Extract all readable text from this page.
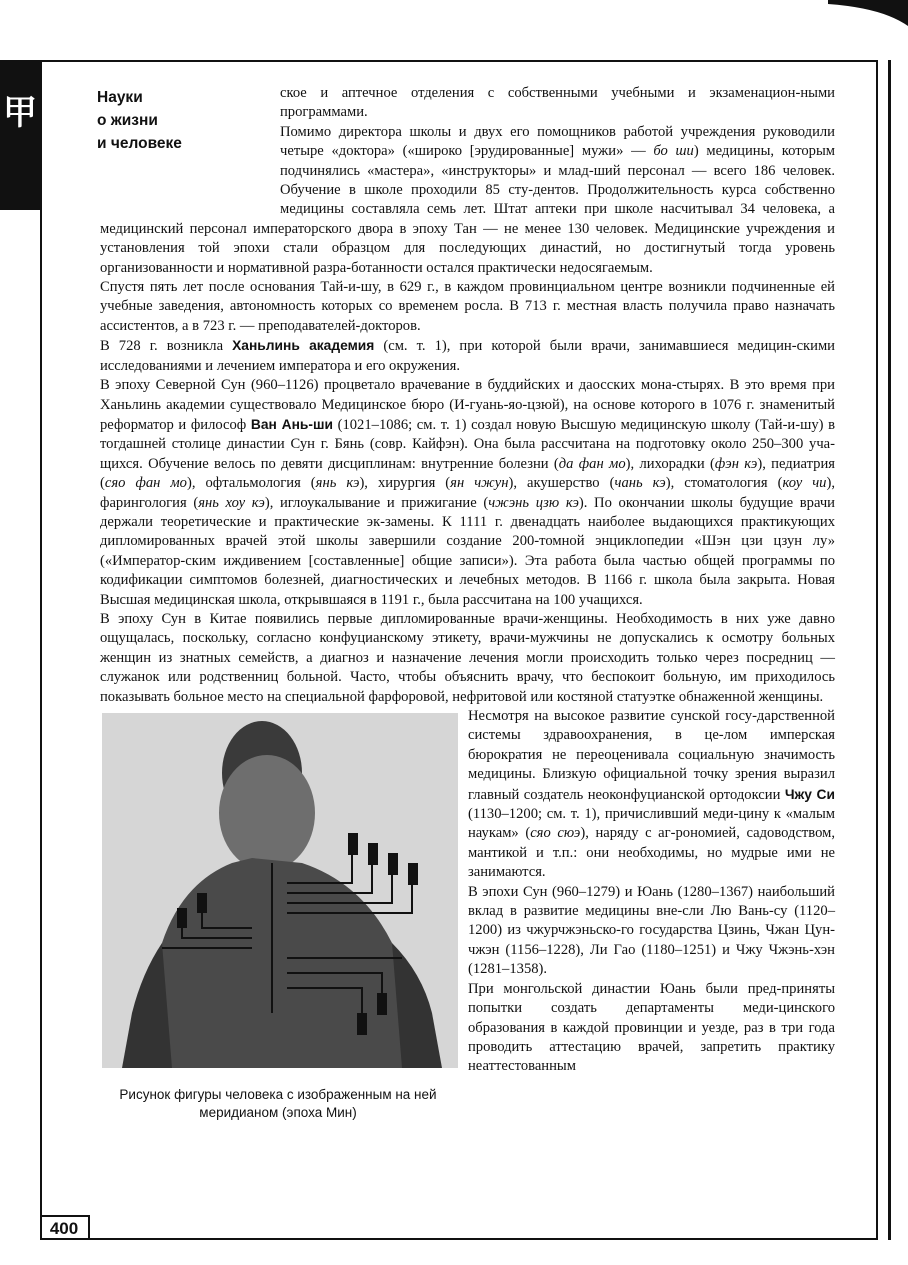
甲	Науки
о жизни
и человеке

ское и аптечное отделения с собственными учебными и экзаменацион-ными программами.

Помимо директора школы и двух его помощников работой учреждения руководили четыре «доктора» («широко [эрудированные] мужи» — бо ши) медицины, которым подчинялись «мастера», «инструкторы» и млад-ший персонал — всего 186 человек. Обучение в школе проходили 85 сту-дентов. Продолжительность курса собственно медицины составляла семь лет. Штат аптеки при школе насчитывал 34 человека, а медицинский персонал императорского двора в эпоху Тан — не менее 130 человек. Медицинские учреждения и установления той эпохи стали образцом для последующих династий, но достигнутый тогда уровень организованности и нормативной разра-ботанности остался практически недосягаемым.

Спустя пять лет после основания Тай-и-шу, в 629 г., в каждом провинциальном центре возникли подчиненные ей учебные заведения, автономность которых со временем росла. В 713 г. местная власть получила право назначать ассистентов, а в 723 г. — преподавателей-докторов.

В 728 г. возникла Ханьлинь академия (см. т. 1), при которой были врачи, занимавшиеся медицин-скими исследованиями и лечением императора и его окружения.

В эпоху Северной Сун (960–1126) процветало врачевание в буддийских и даосских мона-стырях. В это время при Ханьлинь академии существовало Медицинское бюро (И-гуань-яо-цзюй), на основе которого в 1076 г. знаменитый реформатор и философ Ван Ань-ши (1021–1086; см. т. 1) создал новую Высшую медицинскую школу (Тай-и-шу) в тогдашней столице династии Сун г. Бянь (совр. Кайфэн). Она была рассчитана на подготовку около 250–300 уча-щихся. Обучение велось по девяти дисциплинам: внутренние болезни (да фан мо), лихорадки (фэн кэ), педиатрия (сяо фан мо), офтальмология (янь кэ), хирургия (ян чжун), акушерство (чань кэ), стоматология (коу чи), фарингология (янь хоу кэ), иглоукалывание и прижигание (чжэнь цзю кэ). По окончании школы будущие врачи держали теоретические и практические эк-замены. К 1111 г. двенадцать наиболее выдающихся практикующих дипломированных врачей этой школы завершили создание 200-томной энциклопедии «Шэн цзи цзун лу» («Император-ским иждивением [составленные] общие записи»). Эта работа была частью общей программы по кодификации симптомов болезней, диагностических и лечебных методов. В 1166 г. школа была закрыта. Новая Высшая медицинская школа, открывшаяся в 1191 г., была рассчитана на 100 учащихся.

В эпоху Сун в Китае появились первые дипломированные врачи-женщины. Необходимость в них уже давно ощущалась, поскольку, согласно конфуцианскому этикету, врачи-мужчины не допускались к осмотру больных женщин из знатных семейств, а диагноз и назначение лечения могли происходить только через посредниц — служанок или родственниц больной. Часто, чтобы объяснить врачу, что беспокоит больную, им приходилось показывать больное место на специальной фарфоровой, нефритовой или костяной статуэтке обнаженной женщины.

Рисунок фигуры человека с изображенным на ней меридианом (эпоха Мин)

Несмотря на высокое развитие сунской госу-дарственной системы здравоохранения, в це-лом имперская бюрократия не переоценивала социальную значимость медицины. Близкую официальной точку зрения выразил главный создатель неоконфуцианской ортодоксии Чжу Си (1130–1200; см. т. 1), причисливший меди-цину к «малым наукам» (сяо сюэ), наряду с аг-рономией, садоводством, мантикой и т.п.: они необходимы, но мудрые ими не занимаются.

В эпохи Сун (960–1279) и Юань (1280–1367) наибольший вклад в развитие медицины вне-сли Лю Вань-су (1120–1200) из чжурчжэньско-го государства Цзинь, Чжан Цун-чжэн (1156–1228), Ли Гао (1180–1251) и Чжу Чжэнь-хэн (1281–1358).

При монгольской династии Юань были пред-приняты попытки создать департаменты меди-цинского образования в каждой провинции и уезде, раз в три года проводить аттестацию врачей, запретить практику неаттестованным

400
